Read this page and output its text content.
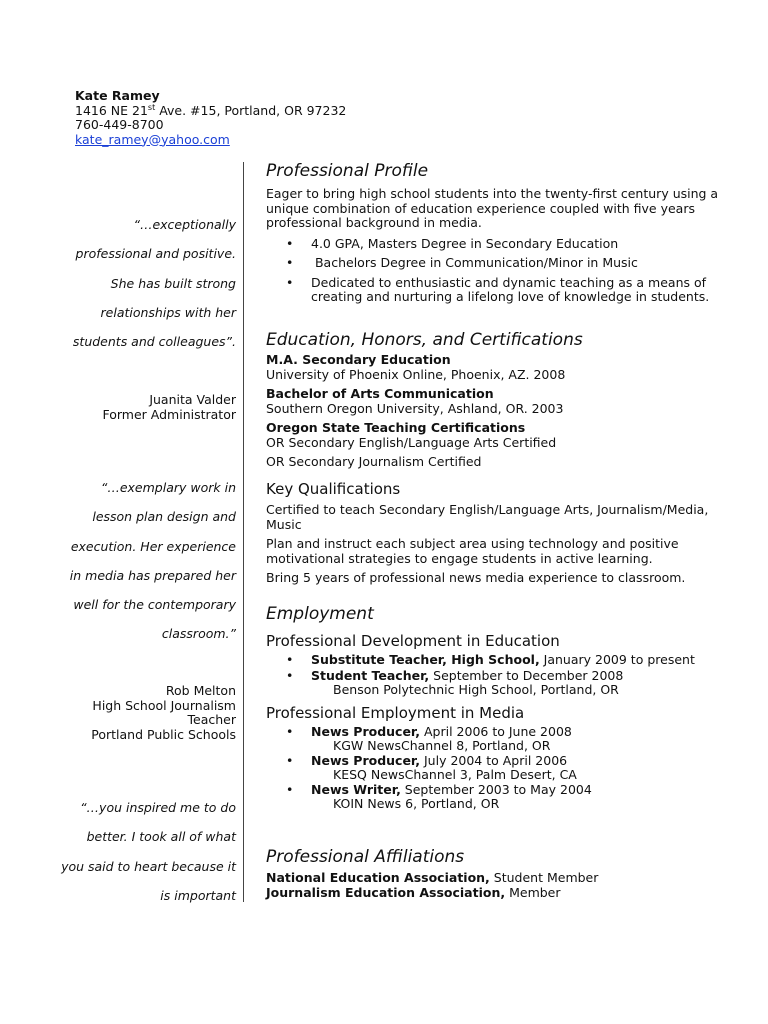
Kate Ramey
1416 NE 21st Ave. #15, Portland, OR 97232
760-449-8700
kate_ramey@yahoo.com
“…exceptionally professional and positive. She has built strong relationships with her students and colleagues”.
Juanita Valder
Former Administrator
“…exemplary work in lesson plan design and execution. Her experience in media has prepared her well for the contemporary classroom.”
Rob Melton
High School Journalism Teacher
Portland Public Schools
“…you inspired me to do better. I took all of what you said to heart because it is important
Professional Profile

Eager to bring high school students into the twenty-first century using a unique combination of education experience coupled with five years professional background in media.

• 4.0 GPA, Masters Degree in Secondary Education
• Bachelors Degree in Communication/Minor in Music
• Dedicated to enthusiastic and dynamic teaching as a means of creating and nurturing a lifelong love of knowledge in students.
Education, Honors, and Certifications

M.A. Secondary Education

University of Phoenix Online, Phoenix, AZ. 2008

Bachelor of Arts Communication

Southern Oregon University, Ashland, OR. 2003

Oregon State Teaching Certifications

OR Secondary English/Language Arts Certified

OR Secondary Journalism Certified

Key Qualifications

Certified to teach Secondary English/Language Arts, Journalism/Media, Music

Plan and instruct each subject area using technology and positive motivational strategies to engage students in active learning.

Bring 5 years of professional news media experience to classroom.

Employment
Professional Development in Education
• Substitute Teacher, High School, January 2009 to present
• Student Teacher, September to December 2008
Benson Polytechnic High School, Portland, OR
Professional Employment in Media
• News Producer, April 2006 to June 2008
KGW NewsChannel 8, Portland, OR
• News Producer, July 2004 to April 2006
KESQ NewsChannel 3, Palm Desert, CA
• News Writer, September 2003 to May 2004
KOIN News 6, Portland, OR
Professional Affiliations

National Education Association, Student Member

Journalism Education Association, Member
